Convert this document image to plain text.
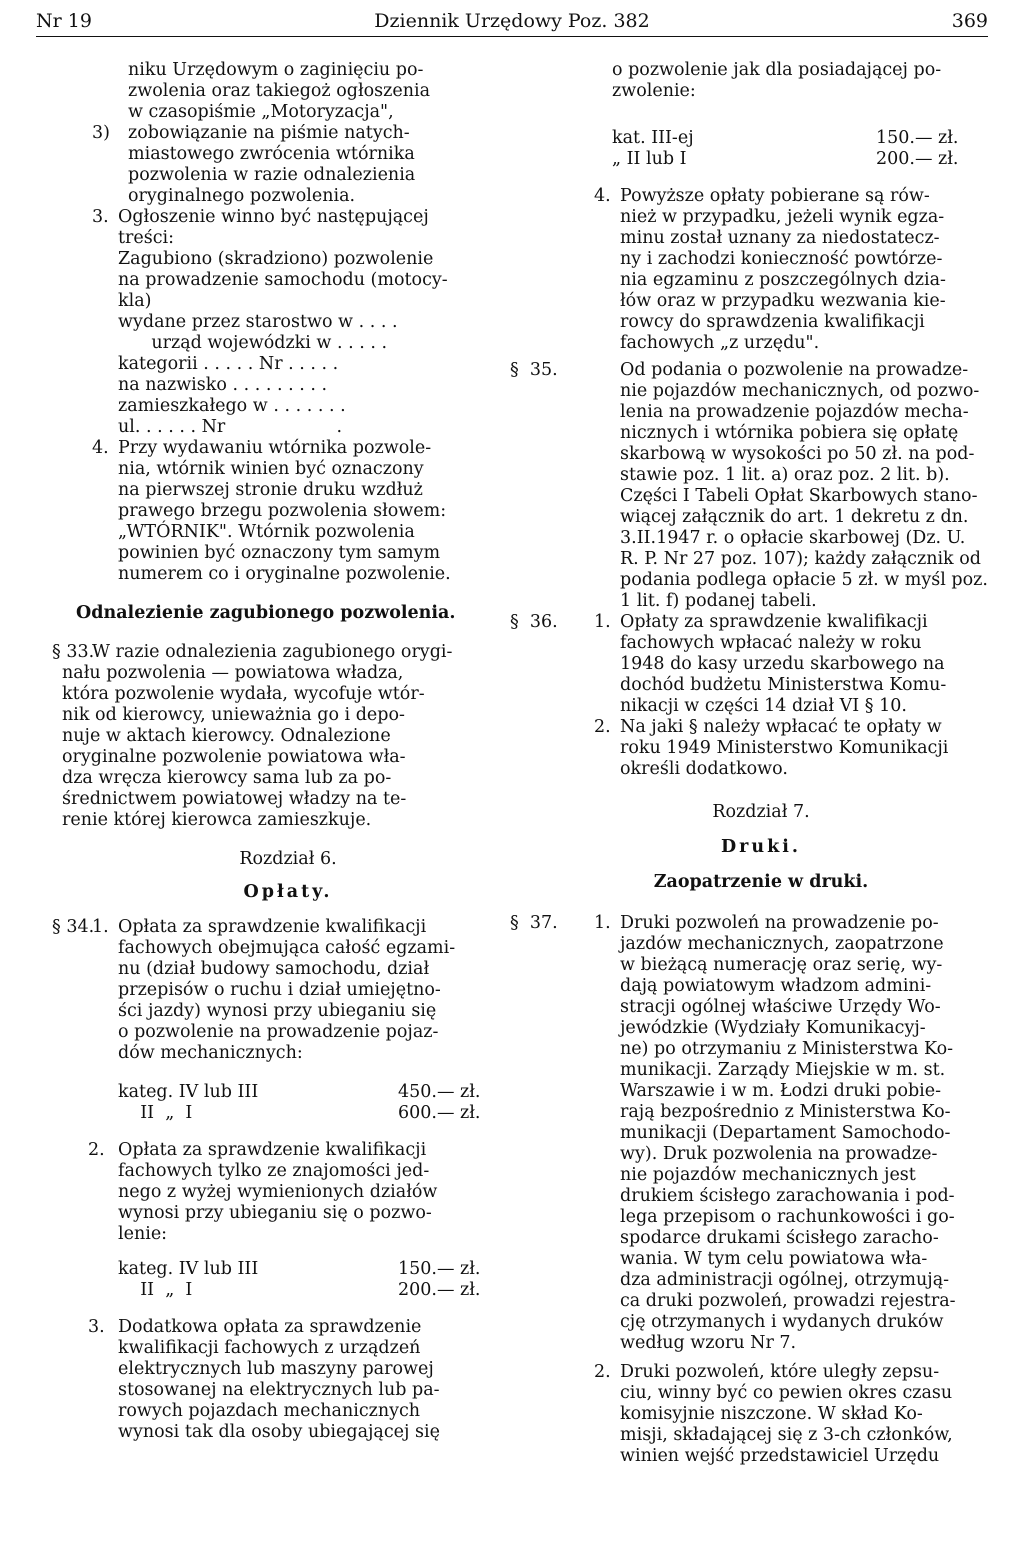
Nr 19	Dziennik Urzędowy Poz. 382	369
niku Urzędowym o zaginięciu po-
zwolenia oraz takiegoż ogłoszenia
w czasopiśmie „Motoryzacja",
3) zobowiązanie na piśmie natych-
miastowego zwrócenia wtórnika
pozwolenia w razie odnalezienia
oryginalnego pozwolenia.
3. Ogłoszenie winno być następującej
treści:
Zagubiono (skradziono) pozwolenie
na prowadzenie samochodu (motocy-
kla)
wydane przez starostwo w . . . .
urząd wojewódzki w . . . . .
kategorii . . . . . Nr . . . . .
na nazwisko . . . . . . . . .
zamieszkałego w . . . . . . .
ul. . . . . . Nr                    .
4. Przy wydawaniu wtórnika pozwole-
nia, wtórnik winien być oznaczony
na pierwszej stronie druku wzdłuż
prawego brzegu pozwolenia słowem:
„WTÓRNIK". Wtórnik pozwolenia
powinien być oznaczony tym samym
numerem co i oryginalne pozwolenie.
Odnalezienie zagubionego pozwolenia.
§ 33.
W razie odnalezienia zagubionego orygi-
nału pozwolenia — powiatowa władza,
która pozwolenie wydała, wycofuje wtór-
nik od kierowcy, unieważnia go i depo-
nuje w aktach kierowcy. Odnalezione
oryginalne pozwolenie powiatowa wła-
dza wręcza kierowcy sama lub za po-
średnictwem powiatowej władzy na te-
renie której kierowca zamieszkuje.
Rozdział 6.
Opłaty.
§ 34.
1. Opłata za sprawdzenie kwalifikacji
fachowych obejmująca całość egzami-
nu (dział budowy samochodu, dział
przepisów o ruchu i dział umiejętno-
ści jazdy) wynosi przy ubieganiu się
o pozwolenie na prowadzenie pojaz-
dów mechanicznych:
kateg. IV lub III	450.— zł.
II  „  I	600.— zł.
2. Opłata za sprawdzenie kwalifikacji
fachowych tylko ze znajomości jed-
nego z wyżej wymienionych działów
wynosi przy ubieganiu się o pozwo-
lenie:
kateg. IV lub III	150.— zł.
II  „  I	200.— zł.
3. Dodatkowa opłata za sprawdzenie
kwalifikacji fachowych z urządzeń
elektrycznych lub maszyny parowej
stosowanej na elektrycznych lub pa-
rowych pojazdach mechanicznych
wynosi tak dla osoby ubiegającej się
o pozwolenie jak dla posiadającej po-
zwolenie:
kat. III-ej	150.— zł.
„ II lub I	200.— zł.
4. Powyższe opłaty pobierane są rów-
nież w przypadku, jeżeli wynik egza-
minu został uznany za niedostatecz-
ny i zachodzi konieczność powtórze-
nia egzaminu z poszczególnych dzia-
łów oraz w przypadku wezwania kie-
rowcy do sprawdzenia kwalifikacji
fachowych „z urzędu".
§  35.	Od podania o pozwolenie na prowadze-
nie pojazdów mechanicznych, od pozwo-
lenia na prowadzenie pojazdów mecha-
nicznych i wtórnika pobiera się opłatę
skarbową w wysokości po 50 zł. na pod-
stawie poz. 1 lit. a) oraz poz. 2 lit. b).
Części I Tabeli Opłat Skarbowych stano-
wiącej załącznik do art. 1 dekretu z dn.
3.II.1947 r. o opłacie skarbowej (Dz. U.
R. P. Nr 27 poz. 107); każdy załącznik od
podania podlega opłacie 5 zł. w myśl poz.
1 lit. f) podanej tabeli.
§  36. 1. Opłaty za sprawdzenie kwalifikacji
fachowych wpłacać należy w roku
1948 do kasy urzedu skarbowego na
dochód budżetu Ministerstwa Komu-
nikacji w części 14 dział VI § 10.
2. Na jaki § należy wpłacać te opłaty w
roku 1949 Ministerstwo Komunikacji
określi dodatkowo.
Rozdział 7.
Druki.
Zaopatrzenie w druki.
§  37. 1. Druki pozwoleń na prowadzenie po-
jazdów mechanicznych, zaopatrzone
w bieżącą numerację oraz serię, wy-
dają powiatowym władzom admini-
stracji ogólnej właściwe Urzędy Wo-
jewódzkie (Wydziały Komunikacyj-
ne) po otrzymaniu z Ministerstwa Ko-
munikacji. Zarządy Miejskie w m. st.
Warszawie i w m. Łodzi druki pobie-
rają bezpośrednio z Ministerstwa Ko-
munikacji (Departament Samochodo-
wy). Druk pozwolenia na prowadze-
nie pojazdów mechanicznych jest
drukiem ścisłego zarachowania i pod-
lega przepisom o rachunkowości i go-
spodarce drukami ścisłego zaracho-
wania. W tym celu powiatowa wła-
dza administracji ogólnej, otrzymują-
ca druki pozwoleń, prowadzi rejestra-
cję otrzymanych i wydanych druków
według wzoru Nr 7.
2. Druki pozwoleń, które uległy zepsu-
ciu, winny być co pewien okres czasu
komisyjnie niszczone. W skład Ko-
misji, składającej się z 3-ch członków,
winien wejść przedstawiciel Urzędu
